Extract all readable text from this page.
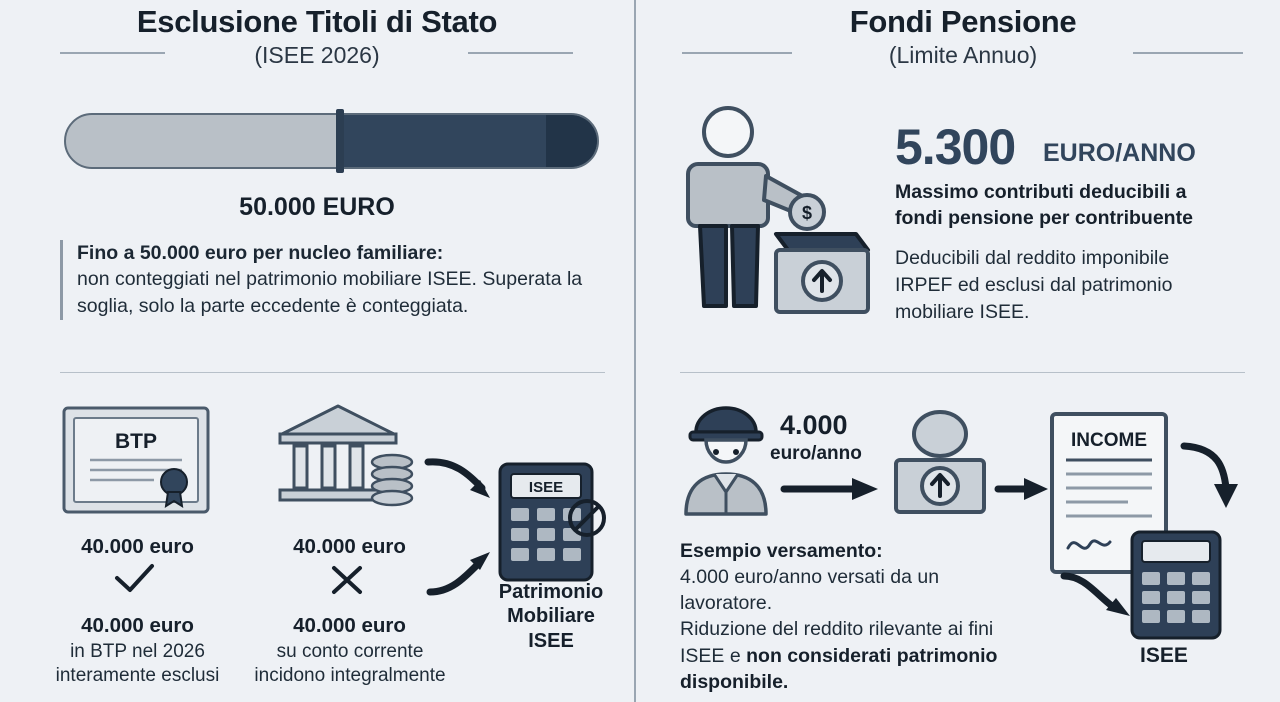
Esclusione Titoli di Stato
(ISEE 2026)
50.000 EURO
Fino a 50.000 euro per nucleo familiare:
non conteggiati nel patrimonio mobiliare ISEE. Superata la soglia, solo la parte eccedente è conteggiata.
BTP
ISEE
Patrimonio
Mobiliare
ISEE
40.000 euro	40.000 euro
40.000 euro
in BTP nel 2026 interamente esclusi
40.000 euro
su conto corrente incidono integralmente
Fondi Pensione
(Limite Annuo)
$
5.300 EURO/ANNO
Massimo contributi deducibili a fondi pensione per contribuente
Deducibili dal reddito imponibile IRPEF ed esclusi dal patrimonio mobiliare ISEE.
4.000
euro/anno
INCOME
ISEE
Esempio versamento:
4.000 euro/anno versati da un lavoratore.
Riduzione del reddito rilevante ai fini ISEE e non considerati patrimonio disponibile.
